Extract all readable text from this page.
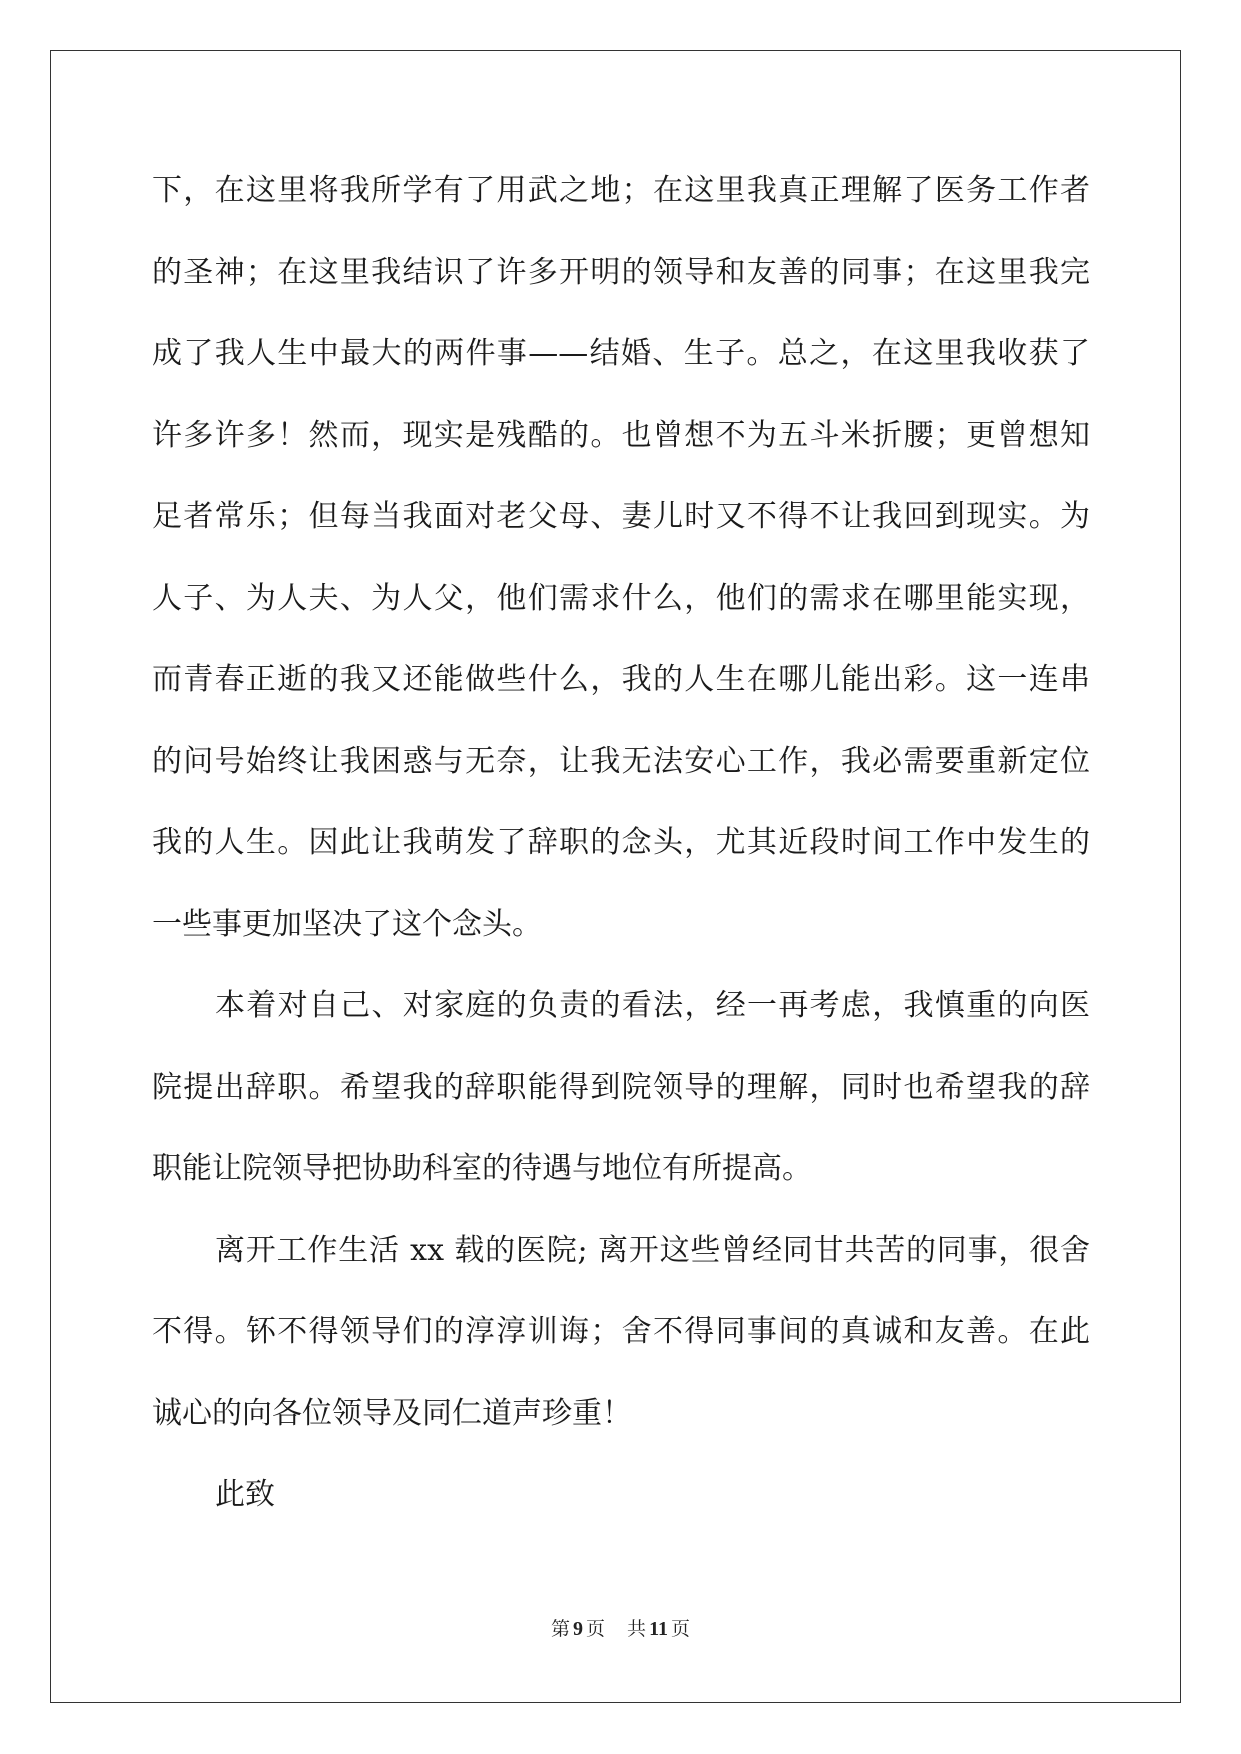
下，在这里将我所学有了用武之地；在这里我真正理解了医务工作者
的圣神；在这里我结识了许多开明的领导和友善的同事；在这里我完
成了我人生中最大的两件事——结婚、生子。总之，在这里我收获了
许多许多！然而，现实是残酷的。也曾想不为五斗米折腰；更曾想知
足者常乐；但每当我面对老父母、妻儿时又不得不让我回到现实。为
人子、为人夫、为人父，他们需求什么，他们的需求在哪里能实现，
而青春正逝的我又还能做些什么，我的人生在哪儿能出彩。这一连串
的问号始终让我困惑与无奈，让我无法安心工作，我必需要重新定位
我的人生。因此让我萌发了辞职的念头，尤其近段时间工作中发生的
一些事更加坚决了这个念头。
本着对自己、对家庭的负责的看法，经一再考虑，我慎重的向医
院提出辞职。希望我的辞职能得到院领导的理解，同时也希望我的辞
职能让院领导把协助科室的待遇与地位有所提高。
离开工作生活 xx 载的医院; 离开这些曾经同甘共苦的同事，很舍
不得。钚不得领导们的淳淳训诲；舍不得同事间的真诚和友善。在此
诚心的向各位领导及同仁道声珍重！
此致
第 9 页 共 11 页
